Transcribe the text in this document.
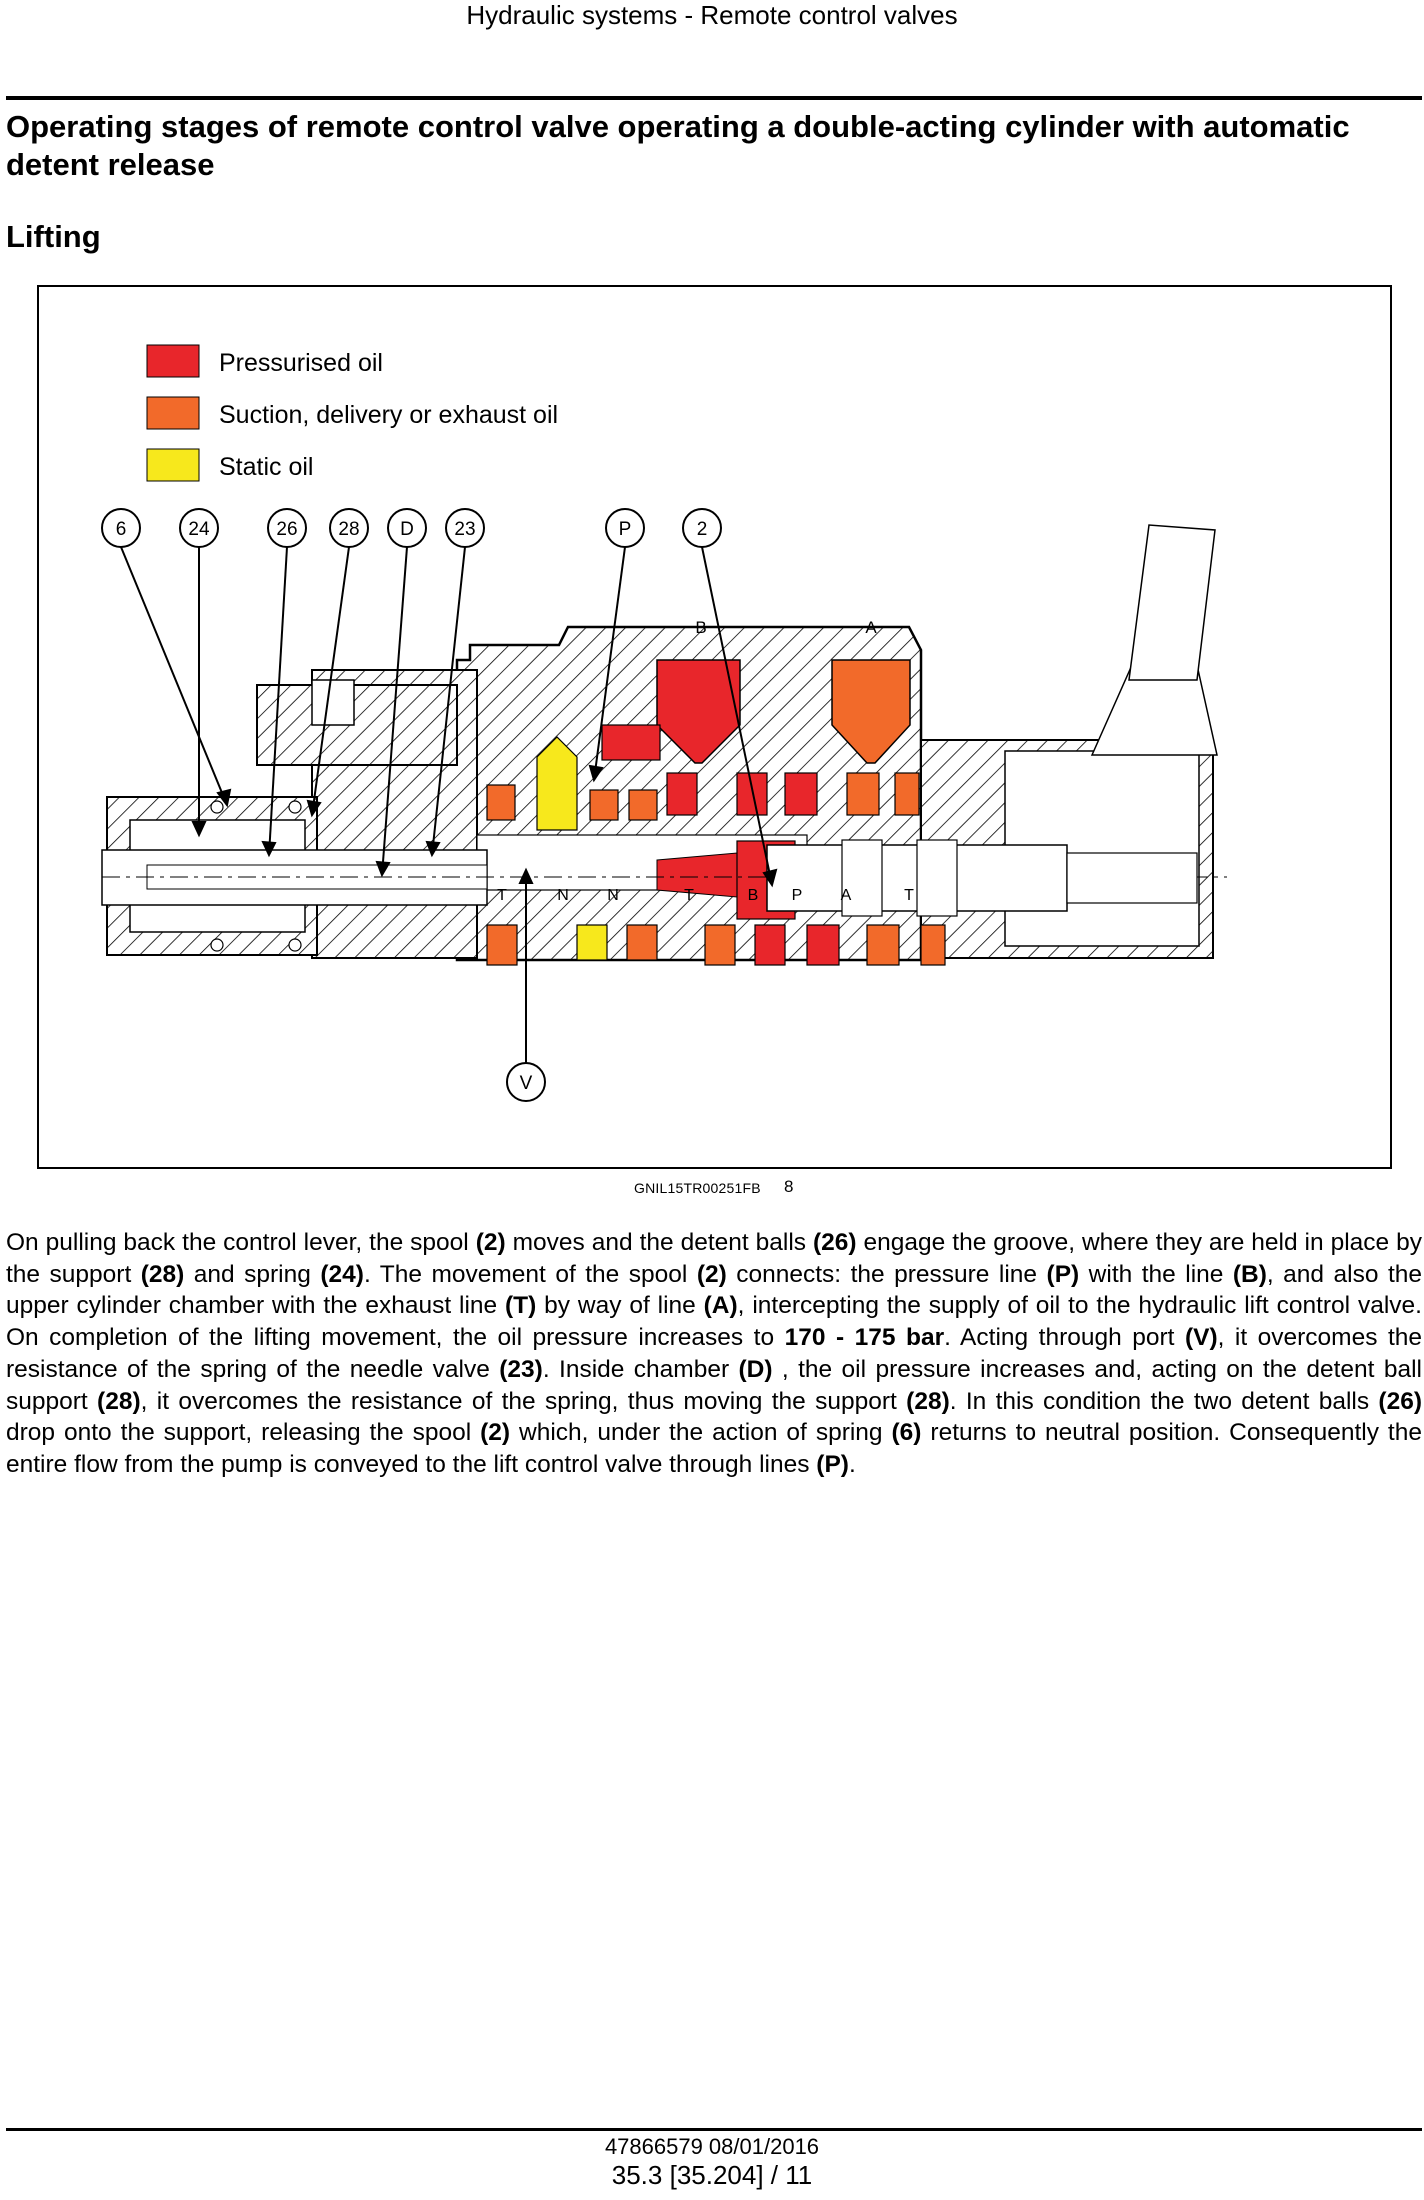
Hydraulic systems - Remote control valves
Operating stages of remote control valve operating a double-acting cylinder with automatic detent release
Lifting
Pressurised oil
Suction, delivery or exhaust oil
Static oil
B	A
T	N N	T	B P A	T
6	24	26 28 D 23	P	2
V
GNIL15TR00251FB 8
On pulling back the control lever, the spool (2) moves and the detent balls (26) engage the groove, where they are held in place by the support (28) and spring (24). The movement of the spool (2) connects: the pressure line (P) with the line (B), and also the upper cylinder chamber with the exhaust line (T) by way of line (A), intercepting the supply of oil to the hydraulic lift control valve. On completion of the lifting movement, the oil pressure increases to 170 - 175 bar. Acting through port (V), it overcomes the resistance of the spring of the needle valve (23). Inside chamber (D) , the oil pressure increases and, acting on the detent ball support (28), it overcomes the resistance of the spring, thus moving the support (28). In this condition the two detent balls (26) drop onto the support, releasing the spool (2) which, under the action of spring (6) returns to neutral position. Consequently the entire flow from the pump is conveyed to the lift control valve through lines (P).
47866579 08/01/2016
35.3 [35.204] / 11
